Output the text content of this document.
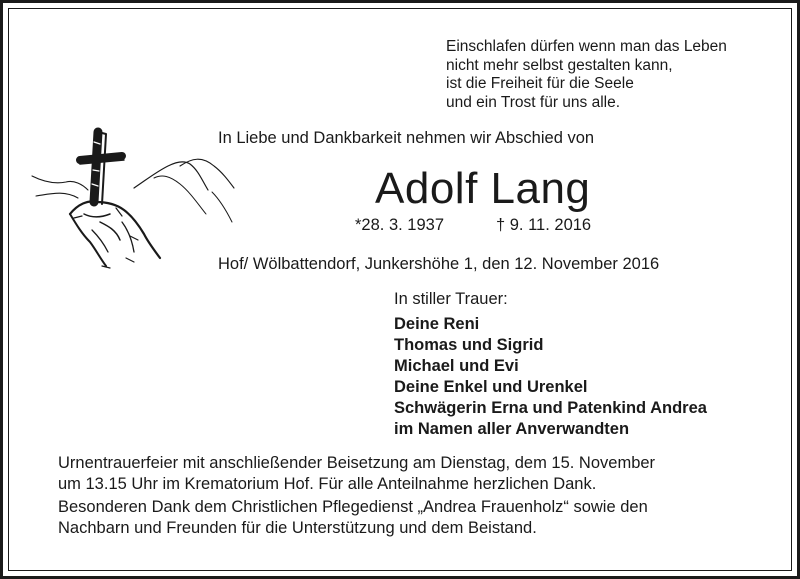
Einschlafen dürfen wenn man das Leben
nicht mehr selbst gestalten kann,
ist die Freiheit für die Seele
und ein Trost für uns alle.
In Liebe und Dankbarkeit nehmen wir Abschied von
Adolf Lang
*28. 3. 1937	† 9. 11. 2016
Hof/ Wölbattendorf, Junkershöhe 1, den 12. November 2016
In stiller Trauer:
Deine Reni
Thomas und Sigrid
Michael und Evi
Deine Enkel und Urenkel
Schwägerin Erna und Patenkind Andrea
im Namen aller Anverwandten
Urnentrauerfeier mit anschließender Beisetzung am Dienstag, dem 15. November
um 13.15 Uhr im Krematorium Hof. Für alle Anteilnahme herzlichen Dank.
Besonderen Dank dem Christlichen Pflegedienst „Andrea Frauenholz“ sowie den
Nachbarn und Freunden für die Unterstützung und dem Beistand.
